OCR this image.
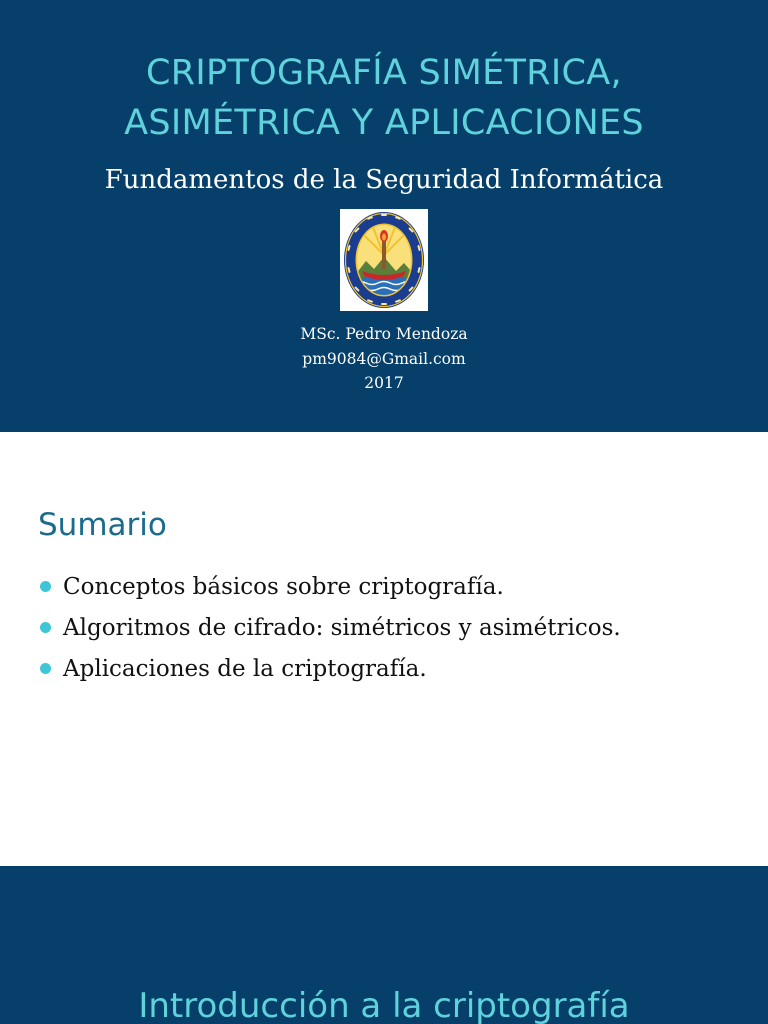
CRIPTOGRAFÍA SIMÉTRICA,
ASIMÉTRICA Y APLICACIONES
Fundamentos de la Seguridad Informática
MSc. Pedro Mendoza
pm9084@Gmail.com
2017
Sumario
Conceptos básicos sobre criptografía.
Algoritmos de cifrado: simétricos y asimétricos.
Aplicaciones de la criptografía.
Introducción a la criptografía
